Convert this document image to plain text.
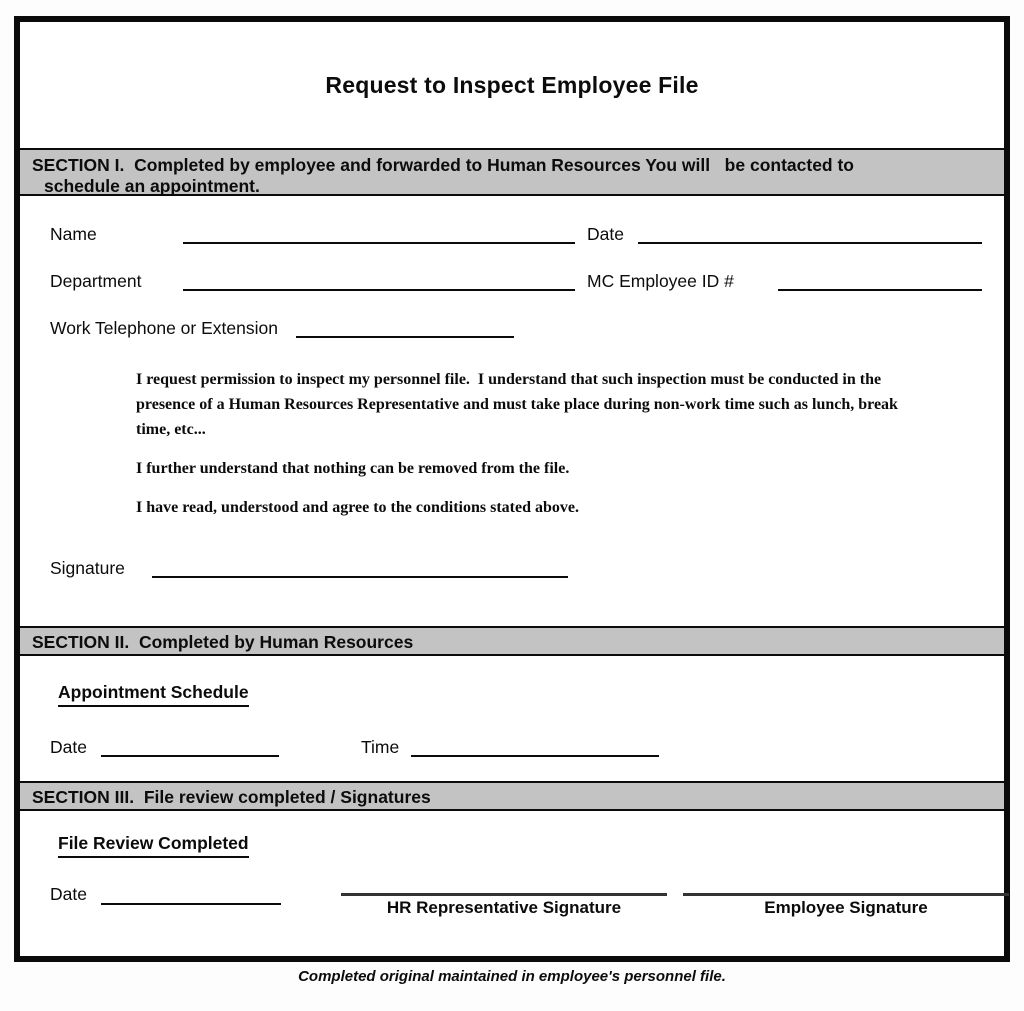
Request to Inspect Employee File
SECTION I.  Completed by employee and forwarded to Human Resources You will   be contacted to
schedule an appointment.
Name	Date
Department	MC Employee ID #
Work Telephone or Extension

I request permission to inspect my personnel file.  I understand that such inspection must be conducted in the presence of a Human Resources Representative and must take place during non-work time such as lunch, break time, etc...

I further understand that nothing can be removed from the file.

I have read, understood and agree to the conditions stated above.

Signature
SECTION II.  Completed by Human Resources
Appointment Schedule
Date	Time
SECTION III.  File review completed / Signatures
File Review Completed
Date
HR Representative Signature	Employee Signature
Completed original maintained in employee's personnel file.
